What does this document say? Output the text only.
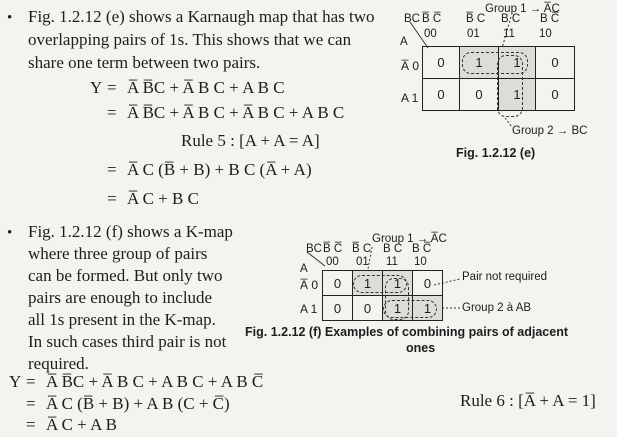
• Fig. 1.2.12 (e) shows a Karnaugh map that has two
overlapping pairs of 1s. This shows that we can
share one term between two pairs.
Y = A̅ B̅C + A̅ B C + A B C
= A̅ B̅C + A̅ B C + A̅ B C + A B C
Rule 5 : [A + A = A]
= A̅ C (B̅ + B) + B C (A̅ + A)
= A̅ C + B C
Group 1 → A̅C
BC
A
B̅ C̅ B̅ C B C B C̅
00	01 11 10
A̅ 0
A 1
0	1	1	0
0	0	1	0
Group 2 → BC
Fig. 1.2.12 (e)
• Fig. 1.2.12 (f) shows a K-map
where three group of pairs
can be formed. But only two
pairs are enough to include
all 1s present in the K-map.
In such cases third pair is not
required.
Y = A̅ B̅C + A̅ B C + A B C + A B C̅
= A̅ C (B̅ + B) + A B (C + C̅)
= A̅ C + A B
Rule 6 : [A̅ + A = 1]
Group 1 → A̅C
BC
A
B̅ C̅ B̅ C B C B C̅
00 01 11 10
A̅ 0
A 1
0	1	1	0
0	0	1	1
Pair not required
Group 2 à AB
Fig. 1.2.12 (f) Examples of combining pairs of adjacent
ones
